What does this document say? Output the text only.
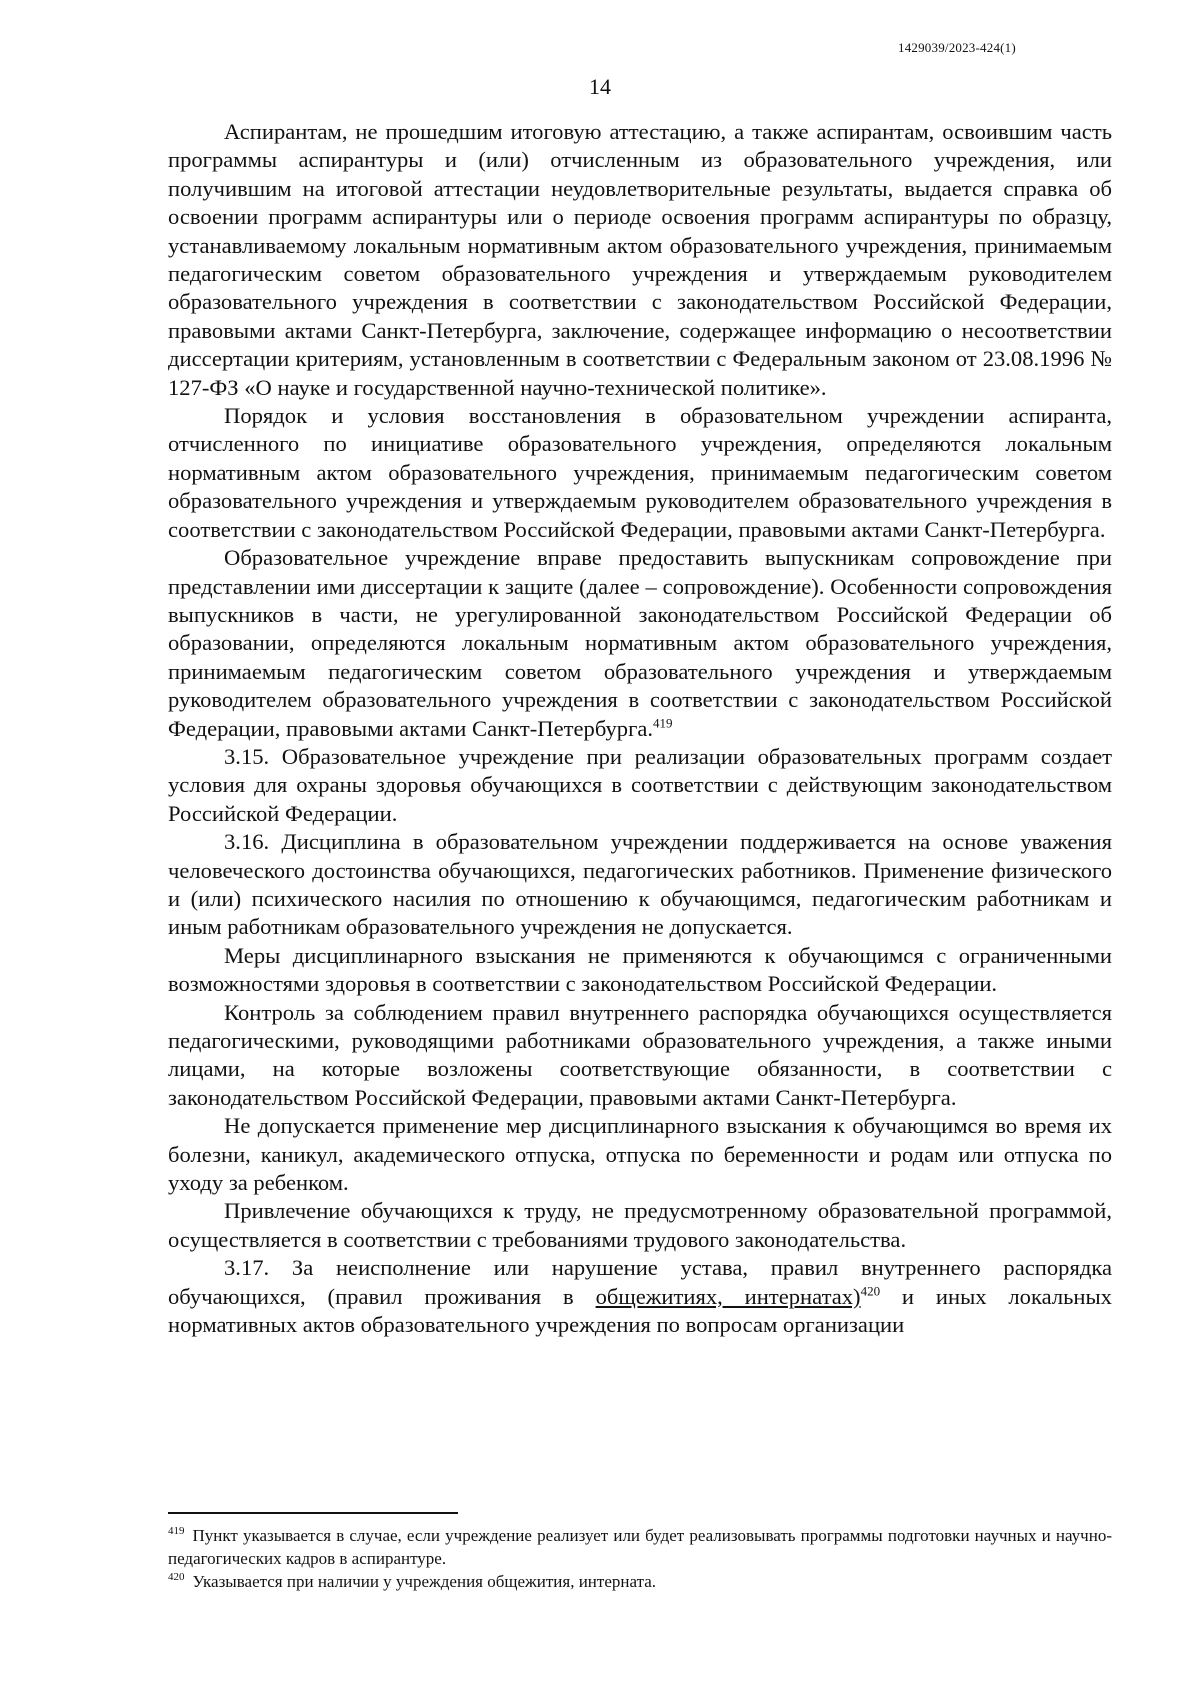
1429039/2023-424(1)
14

Аспирантам, не прошедшим итоговую аттестацию, а также аспирантам, освоившим часть программы аспирантуры и (или) отчисленным из образовательного учреждения, или получившим на итоговой аттестации неудовлетворительные результаты, выдается справка об освоении программ аспирантуры или о периоде освоения программ аспирантуры по образцу, устанавливаемому локальным нормативным актом образовательного учреждения, принимаемым педагогическим советом образовательного учреждения и утверждаемым руководителем образовательного учреждения в соответствии с законодательством Российской Федерации, правовыми актами Санкт-Петербурга, заключение, содержащее информацию о несоответствии диссертации критериям, установленным в соответствии с Федеральным законом от 23.08.1996 № 127-ФЗ «О науке и государственной научно-технической политике».

Порядок и условия восстановления в образовательном учреждении аспиранта, отчисленного по инициативе образовательного учреждения, определяются локальным нормативным актом образовательного учреждения, принимаемым педагогическим советом образовательного учреждения и утверждаемым руководителем образовательного учреждения в соответствии с законодательством Российской Федерации, правовыми актами Санкт-Петербурга.

Образовательное учреждение вправе предоставить выпускникам сопровождение при представлении ими диссертации к защите (далее – сопровождение). Особенности сопровождения выпускников в части, не урегулированной законодательством Российской Федерации об образовании, определяются локальным нормативным актом образовательного учреждения, принимаемым педагогическим советом образовательного учреждения и утверждаемым руководителем образовательного учреждения в соответствии с законодательством Российской Федерации, правовыми актами Санкт-Петербурга.$^{419}$

3.15. Образовательное учреждение при реализации образовательных программ создает условия для охраны здоровья обучающихся в соответствии с действующим законодательством Российской Федерации.

3.16. Дисциплина в образовательном учреждении поддерживается на основе уважения человеческого достоинства обучающихся, педагогических работников. Применение физического и (или) психического насилия по отношению к обучающимся, педагогическим работникам и иным работникам образовательного учреждения не допускается.

Меры дисциплинарного взыскания не применяются к обучающимся с ограниченными возможностями здоровья в соответствии с законодательством Российской Федерации.

Контроль за соблюдением правил внутреннего распорядка обучающихся осуществляется педагогическими, руководящими работниками образовательного учреждения, а также иными лицами, на которые возложены соответствующие обязанности, в соответствии с законодательством Российской Федерации, правовыми актами Санкт-Петербурга.

Не допускается применение мер дисциплинарного взыскания к обучающимся во время их болезни, каникул, академического отпуска, отпуска по беременности и родам или отпуска по уходу за ребенком.

Привлечение обучающихся к труду, не предусмотренному образовательной программой, осуществляется в соответствии с требованиями трудового законодательства.

3.17. За неисполнение или нарушение устава, правил внутреннего распорядка обучающихся, (правил проживания в общежитиях, интернатах)$^{420}$ и иных локальных нормативных актов образовательного учреждения по вопросам организации

$^{419}$ Пункт указывается в случае, если учреждение реализует или будет реализовывать программы подготовки научных и научно-педагогических кадров в аспирантуре.

$^{420}$ Указывается при наличии у учреждения общежития, интерната.
